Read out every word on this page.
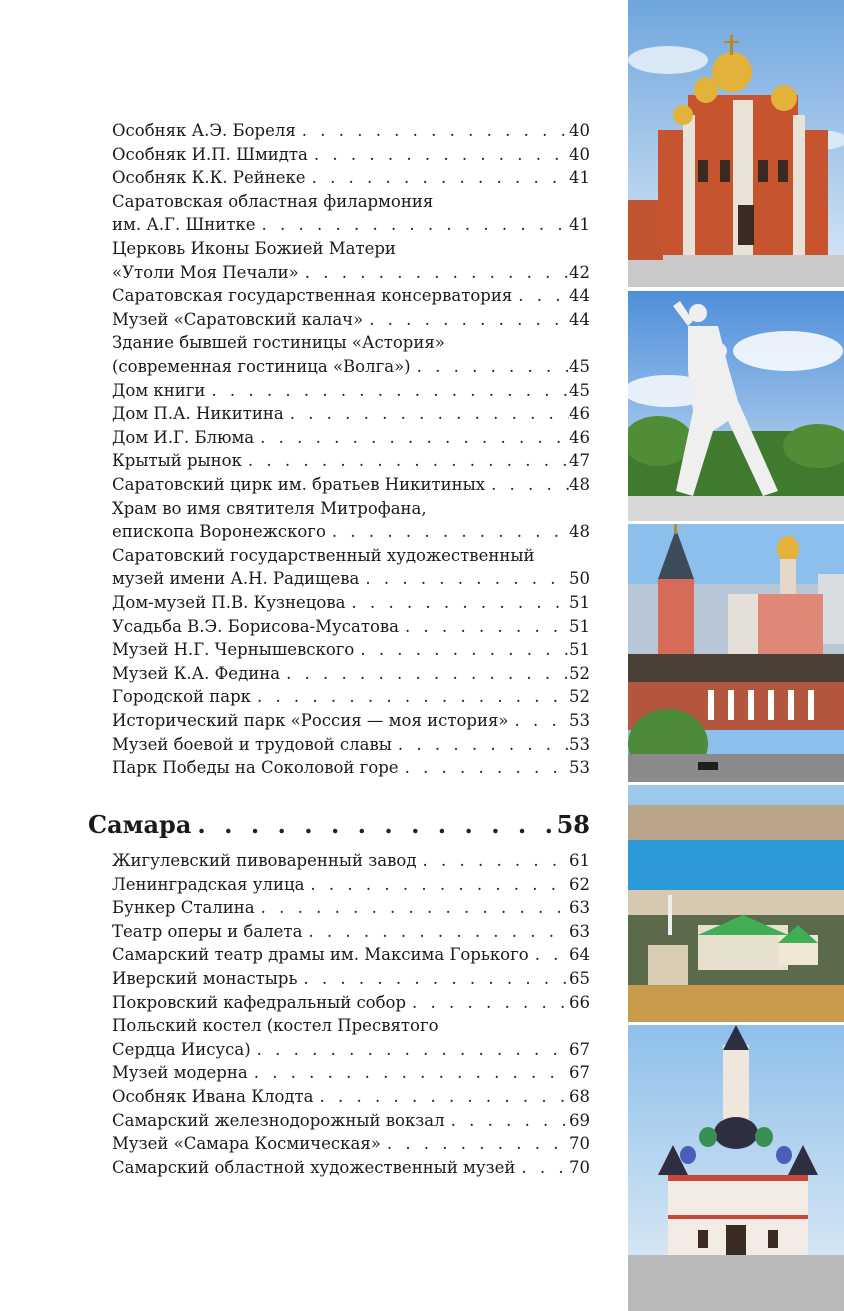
Особняк А.Э. Бореля . . .	40
Особняк И.П. Шмидта . . .	40
Особняк К.К. Рейнеке . . .	41
Саратовская областная филармония
им. А.Г. Шнитке . . .	41
Церковь Иконы Божией Матери
«Утоли Моя Печали» . . .	42
Саратовская государственная консерватория . . .	44
Музей «Саратовский калач» . . .	44
Здание бывшей гостиницы «Астория»
(современная гостиница «Волга») . . .	45
Дом книги . . .	45
Дом П.А. Никитина . . .	46
Дом И.Г. Блюма . . .	46
Крытый рынок . . .	47
Саратовский цирк им. братьев Никитиных . . .	48
Храм во имя святителя Митрофана,
епископа Воронежского . . .	48
Саратовский государственный художественный
музей имени А.Н. Радищева . . .	50
Дом-музей П.В. Кузнецова . . .	51
Усадьба В.Э. Борисова-Мусатова . . .	51
Музей Н.Г. Чернышевского . . .	51
Музей К.А. Федина . . .	52
Городской парк . . .	52
Исторический парк «Россия — моя история» . . .	53
Музей боевой и трудовой славы . . .	53
Парк Победы на Соколовой горе . . .	53
Самара . . .	58
Жигулевский пивоваренный завод . . .	61
Ленинградская улица . . .	62
Бункер Сталина . . .	63
Театр оперы и балета . . .	63
Самарский театр драмы им. Максима Горького . . . 64
Иверский монастырь . . .	65
Покровский кафедральный собор . . .	66
Польский костел (костел Пресвятого
Сердца Иисуса) . . .	67
Музей модерна . . .	67
Особняк Ивана Клодта . . .	68
Самарский железнодорожный вокзал . . .	69
Музей «Самара Космическая» . . .	70
Самарский областной художественный музей . . .	70
